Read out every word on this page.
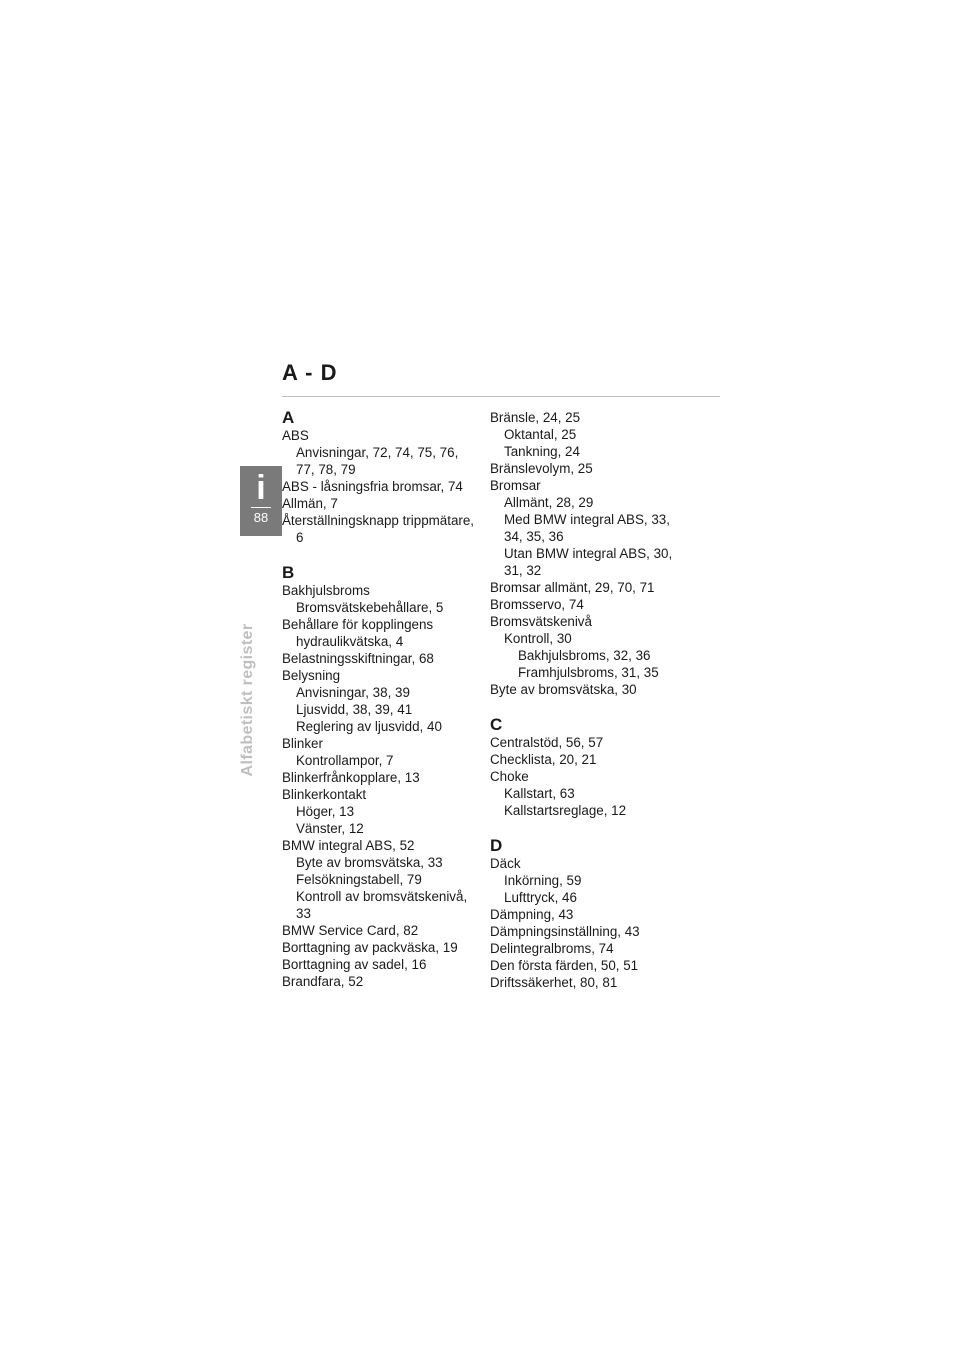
A - D
i
88
Alfabetiskt register
A
ABS
Anvisningar, 72, 74, 75, 76,
77, 78, 79
ABS - låsningsfria bromsar, 74
Allmän, 7
Återställningsknapp trippmätare,
6
B
Bakhjulsbroms
Bromsvätskebehållare, 5
Behållare för kopplingens
hydraulikvätska, 4
Belastningsskiftningar, 68
Belysning
Anvisningar, 38, 39
Ljusvidd, 38, 39, 41
Reglering av ljusvidd, 40
Blinker
Kontrollampor, 7
Blinkerfrånkopplare, 13
Blinkerkontakt
Höger, 13
Vänster, 12
BMW integral ABS, 52
Byte av bromsvätska, 33
Felsökningstabell, 79
Kontroll av bromsvätskenivå,
33
BMW Service Card, 82
Borttagning av packväska, 19
Borttagning av sadel, 16
Brandfara, 52
Bränsle, 24, 25
Oktantal, 25
Tankning, 24
Bränslevolym, 25
Bromsar
Allmänt, 28, 29
Med BMW integral ABS, 33,
34, 35, 36
Utan BMW integral ABS, 30,
31, 32
Bromsar allmänt, 29, 70, 71
Bromsservo, 74
Bromsvätskenivå
Kontroll, 30
Bakhjulsbroms, 32, 36
Framhjulsbroms, 31, 35
Byte av bromsvätska, 30
C
Centralstöd, 56, 57
Checklista, 20, 21
Choke
Kallstart, 63
Kallstartsreglage, 12
D
Däck
Inkörning, 59
Lufttryck, 46
Dämpning, 43
Dämpningsinställning, 43
Delintegralbroms, 74
Den första färden, 50, 51
Driftssäkerhet, 80, 81
